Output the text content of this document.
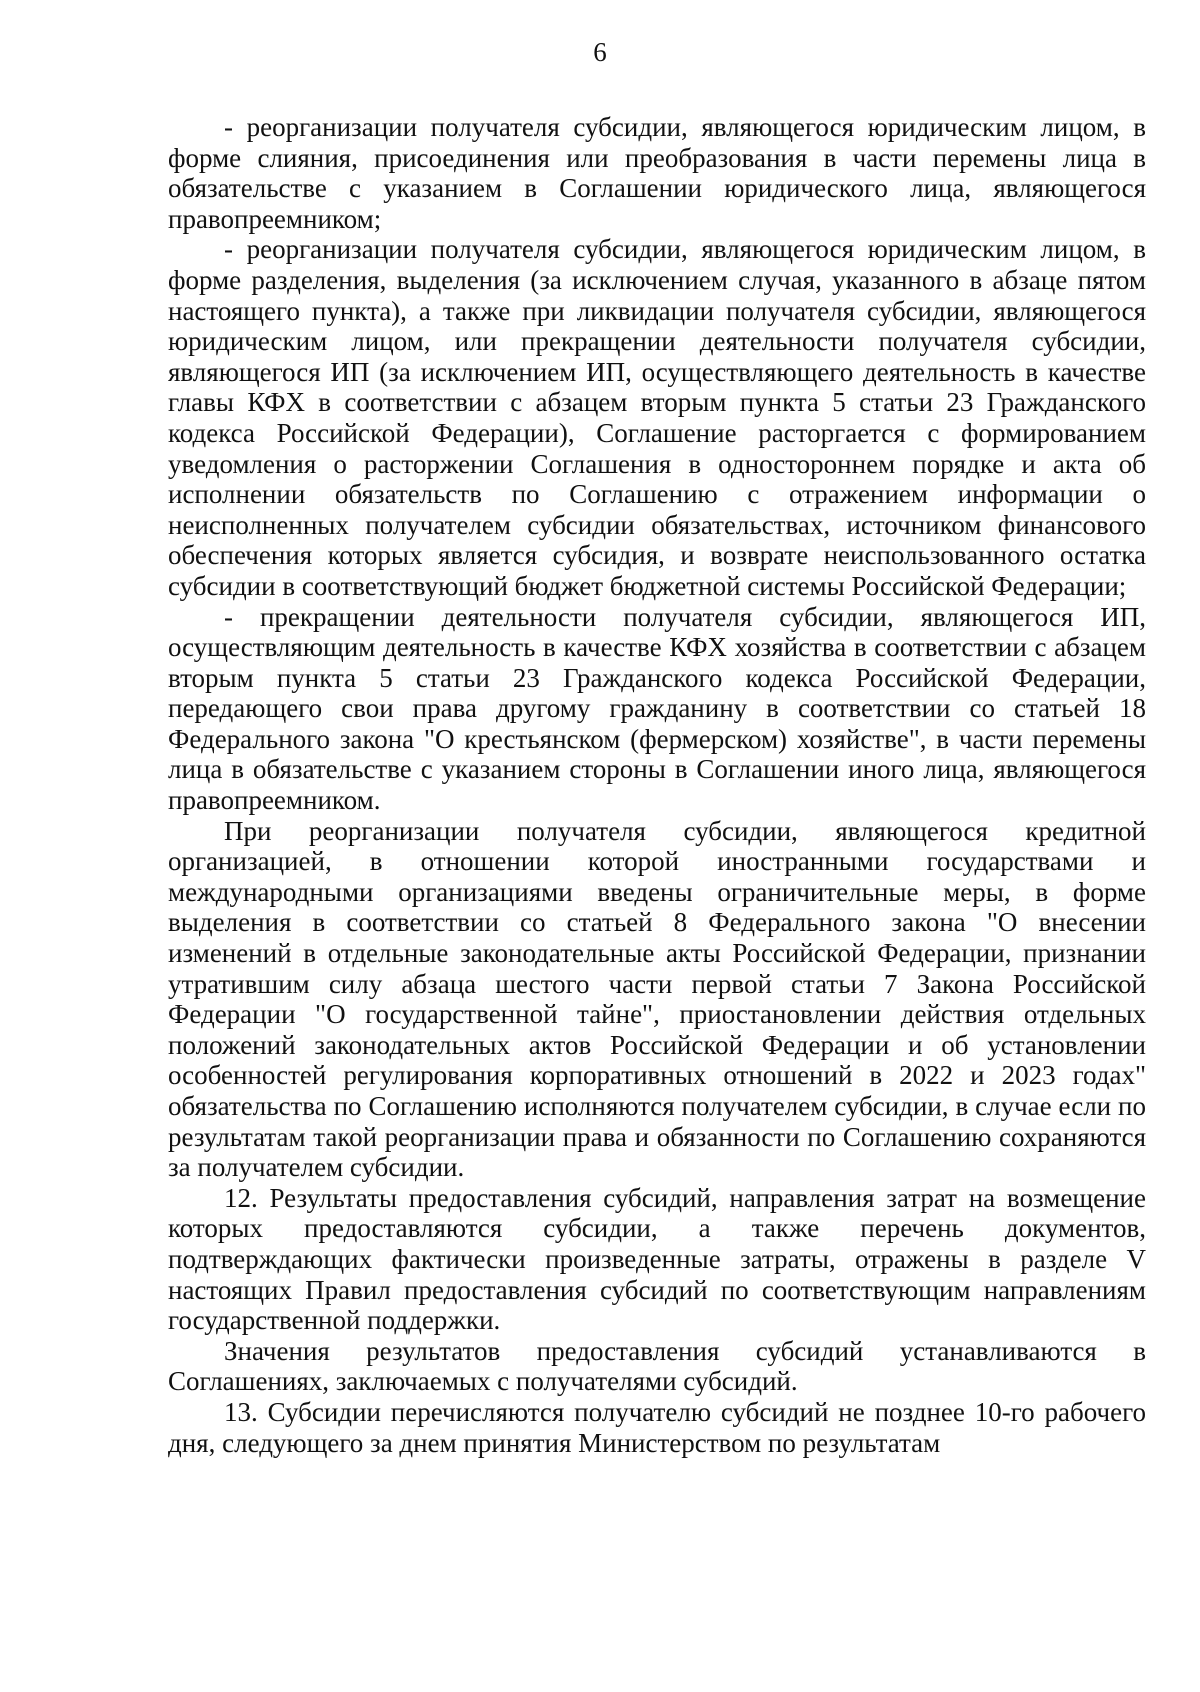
6

- реорганизации получателя субсидии, являющегося юридическим лицом, в форме слияния, присоединения или преобразования в части перемены лица в обязательстве с указанием в Соглашении юридического лица, являющегося правопреемником;

- реорганизации получателя субсидии, являющегося юридическим лицом, в форме разделения, выделения (за исключением случая, указанного в абзаце пятом настоящего пункта), а также при ликвидации получателя субсидии, являющегося юридическим лицом, или прекращении деятельности получателя субсидии, являющегося ИП (за исключением ИП, осуществляющего деятельность в качестве главы КФХ в соответствии с абзацем вторым пункта 5 статьи 23 Гражданского кодекса Российской Федерации), Соглашение расторгается с формированием уведомления о расторжении Соглашения в одностороннем порядке и акта об исполнении обязательств по Соглашению с отражением информации о неисполненных получателем субсидии обязательствах, источником финансового обеспечения которых является субсидия, и возврате неиспользованного остатка субсидии в соответствующий бюджет бюджетной системы Российской Федерации;

- прекращении деятельности получателя субсидии, являющегося ИП, осуществляющим деятельность в качестве КФХ хозяйства в соответствии с абзацем вторым пункта 5 статьи 23 Гражданского кодекса Российской Федерации, передающего свои права другому гражданину в соответствии со статьей 18 Федерального закона "О крестьянском (фермерском) хозяйстве", в части перемены лица в обязательстве с указанием стороны в Соглашении иного лица, являющегося правопреемником.

При реорганизации получателя субсидии, являющегося кредитной организацией, в отношении которой иностранными государствами и международными организациями введены ограничительные меры, в форме выделения в соответствии со статьей 8 Федерального закона "О внесении изменений в отдельные законодательные акты Российской Федерации, признании утратившим силу абзаца шестого части первой статьи 7 Закона Российской Федерации "О государственной тайне", приостановлении действия отдельных положений законодательных актов Российской Федерации и об установлении особенностей регулирования корпоративных отношений в 2022 и 2023 годах" обязательства по Соглашению исполняются получателем субсидии, в случае если по результатам такой реорганизации права и обязанности по Соглашению сохраняются за получателем субсидии.

12. Результаты предоставления субсидий, направления затрат на возмещение которых предоставляются субсидии, а также перечень документов, подтверждающих фактически произведенные затраты, отражены в разделе V настоящих Правил предоставления субсидий по соответствующим направлениям государственной поддержки.

Значения результатов предоставления субсидий устанавливаются в Соглашениях, заключаемых с получателями субсидий.

13. Субсидии перечисляются получателю субсидий не позднее 10-го рабочего дня, следующего за днем принятия Министерством по результатам
